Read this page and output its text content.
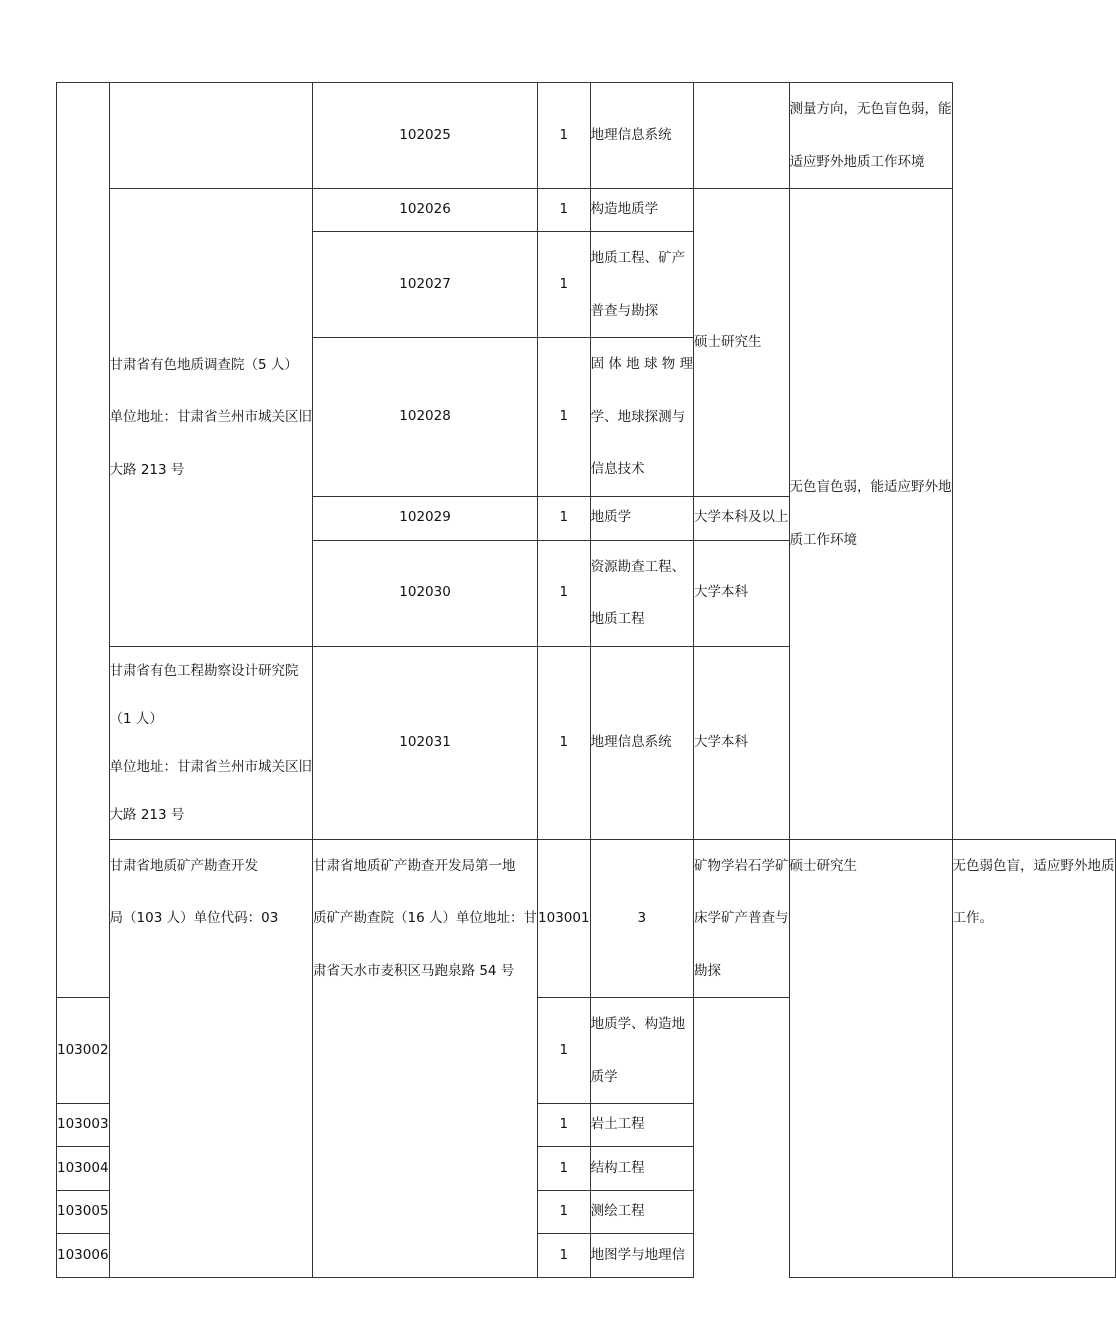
		102025	1	地理信息系统		测量方向，无色盲色弱，能
适应野外地质工作环境	

	甘肃省有色地质调查院（5 人）
单位地址：甘肃省兰州市城关区旧
大路 213 号	102026	1	构造地质学	硕士研究生	无色盲色弱，能适应野外地
质工作环境	

		102027	1	地质工程、矿产
普查与勘探			

		102028	1	固 体 地 球 物 理
学、地球探测与
信息技术			

		102029	1	地质学	大学本科及以上		
		102030	1	资源勘查工程、
地质工程	大学本科		

	甘肃省有色工程勘察设计研究院
（1 人）
单位地址：甘肃省兰州市城关区旧
大路 213 号	102031	1	地理信息系统	大学本科		

	甘肃省地质矿产勘查开发
局（103 人）单位代码：03	甘肃省地质矿产勘查开发局第一地
质矿产勘查院（16 人）单位地址：甘
肃省天水市麦积区马跑泉路 54 号	103001	3	矿物学岩石学矿
床学矿产普查与
勘探	硕士研究生	无色弱色盲，适应野外地质
工作。

103002			1	地质学、构造地
质学			

103003			1	岩土工程			

103004			1	结构工程			

103005			1	测绘工程			

103006			1	地图学与地理信			
